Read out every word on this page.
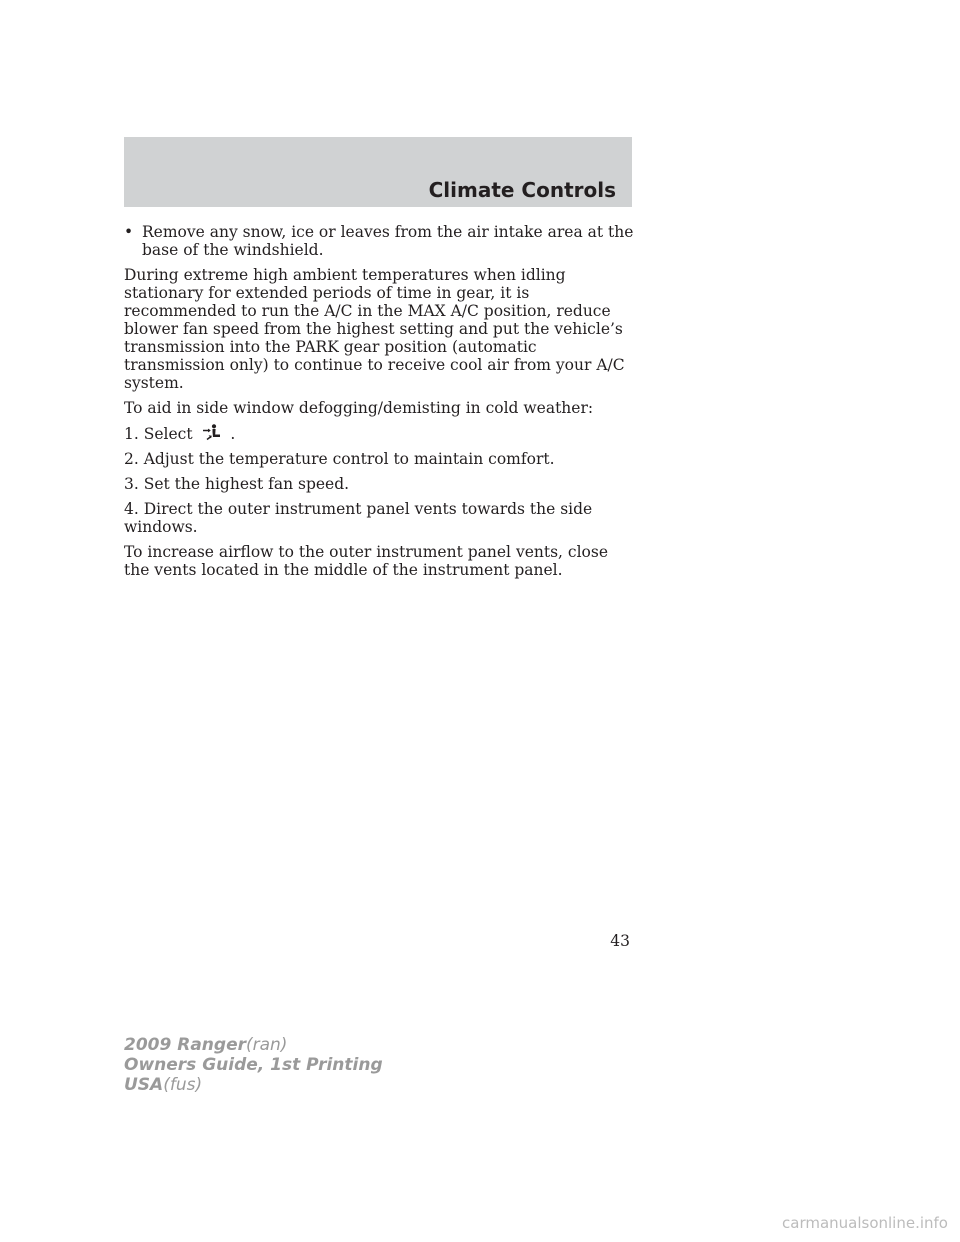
Climate Controls
• Remove any snow, ice or leaves from the air intake area at the base of the windshield.

During extreme high ambient temperatures when idling stationary for extended periods of time in gear, it is recommended to run the A/C in the MAX A/C position, reduce blower fan speed from the highest setting and put the vehicle’s transmission into the PARK gear position (automatic transmission only) to continue to receive cool air from your A/C system.

To aid in side window defogging/demisting in cold weather:

1. Select .

2. Adjust the temperature control to maintain comfort.

3. Set the highest fan speed.

4. Direct the outer instrument panel vents towards the side windows.

To increase airflow to the outer instrument panel vents, close the vents located in the middle of the instrument panel.

43
2009 Ranger(ran)
Owners Guide, 1st Printing
USA(fus)
carmanualsonline.info
